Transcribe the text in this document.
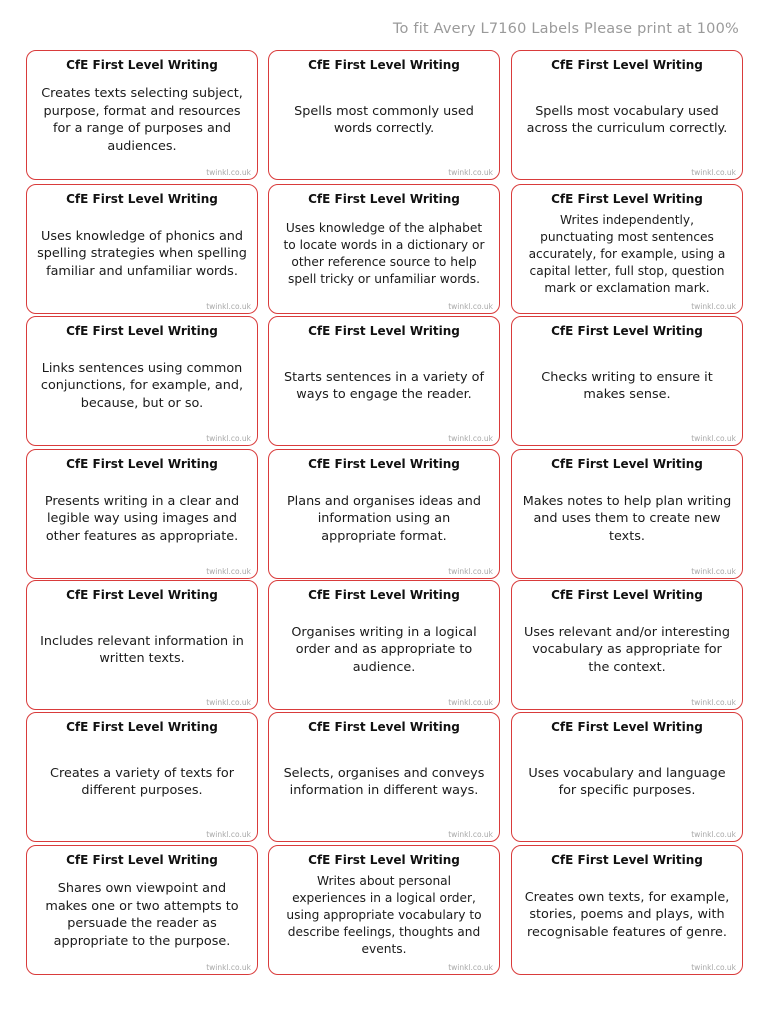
To fit Avery L7160 Labels Please print at 100%
CfE First Level Writing
Creates texts selecting subject, purpose, format and resources for a range of purposes and audiences.
twinkl.co.uk
CfE First Level Writing
Spells most commonly used words correctly.
twinkl.co.uk
CfE First Level Writing
Spells most vocabulary used across the curriculum correctly.
twinkl.co.uk
CfE First Level Writing
Uses knowledge of phonics and spelling strategies when spelling familiar and unfamiliar words.
twinkl.co.uk
CfE First Level Writing
Uses knowledge of the alphabet to locate words in a dictionary or other reference source to help spell tricky or unfamiliar words.
twinkl.co.uk
CfE First Level Writing
Writes independently, punctuating most sentences accurately, for example, using a capital letter, full stop, question mark or exclamation mark.
twinkl.co.uk
CfE First Level Writing
Links sentences using common conjunctions, for example, and, because, but or so.
twinkl.co.uk
CfE First Level Writing
Starts sentences in a variety of ways to engage the reader.
twinkl.co.uk
CfE First Level Writing
Checks writing to ensure it makes sense.
twinkl.co.uk
CfE First Level Writing
Presents writing in a clear and legible way using images and other features as appropriate.
twinkl.co.uk
CfE First Level Writing
Plans and organises ideas and information using an appropriate format.
twinkl.co.uk
CfE First Level Writing
Makes notes to help plan writing and uses them to create new texts.
twinkl.co.uk
CfE First Level Writing
Includes relevant information in written texts.
twinkl.co.uk
CfE First Level Writing
Organises writing in a logical order and as appropriate to audience.
twinkl.co.uk
CfE First Level Writing
Uses relevant and/or interesting vocabulary as appropriate for the context.
twinkl.co.uk
CfE First Level Writing
Creates a variety of texts for different purposes.
twinkl.co.uk
CfE First Level Writing
Selects, organises and conveys information in different ways.
twinkl.co.uk
CfE First Level Writing
Uses vocabulary and language for specific purposes.
twinkl.co.uk
CfE First Level Writing
Shares own viewpoint and makes one or two attempts to persuade the reader as appropriate to the purpose.
twinkl.co.uk
CfE First Level Writing
Writes about personal experiences in a logical order, using appropriate vocabulary to describe feelings, thoughts and events.
twinkl.co.uk
CfE First Level Writing
Creates own texts, for example, stories, poems and plays, with recognisable features of genre.
twinkl.co.uk
